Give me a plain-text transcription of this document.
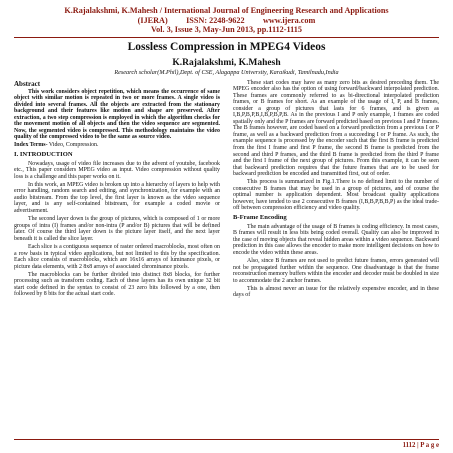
K.Rajalakshmi, K.Mahesh / International Journal of Engineering Research and Applications
(IJERA) ISSN: 2248-9622 www.ijera.com
Vol. 3, Issue 3, May-Jun 2013, pp.1112-1115
Lossless Compression in MPEG4 Videos
K.Rajalakshmi, K.Mahesh
Research scholar(M.Phil),Dept. of CSE, Alagappa University, Karaikudi, Tamilnadu,India
Abstract

This work considers object repetition, which means the occurrence of same object with similar motion is repeated in two or more frames. A single video is divided into several frames. All the objects are extracted from the stationary background and their features like motion and shape are preserved. After extraction, a two step compression is employed in which the algorithm checks for the movement motion of all objects and then the video sequence are segmented. Now, the segmented video is compressed. This methodology maintains the video quality of the compressed video to be the same as source video.

Index Terms- Video, Compression.

I. INTRODUCTION

Nowadays, usage of video file increases due to the advent of youtube, facebook etc., This paper considers MPEG video as input. Video compression without quality loss is a challenge and this paper works on it.

In this work, an MPEG video is broken up into a hierarchy of layers to help with error handling, random search and editing, and synchronization, for example with an audio bitstream. From the top level, the first layer is known as the video sequence layer, and is any self-contained bitstream, for example a coded movie or advertisement.

The second layer down is the group of pictures, which is composed of 1 or more groups of intra (I) frames and/or non-intra (P and/or B) pictures that will be defined later. Of course the third layer down is the picture layer itself, and the next layer beneath it is called the slice layer.

Each slice is a contiguous sequence of raster ordered macroblocks, most often on a row basis in typical video applications, but not limited to this by the specification. Each slice consists of macroblocks, which are 16x16 arrays of luminance pixels, or picture data elements, with 2 8x8 arrays of associated chrominance pixels.

The macroblocks can be further divided into distinct 8x8 blocks, for further processing such as transform coding. Each of these layers has its own unique 32 bit start code defined in the syntax to consist of 23 zero bits followed by a one, then followed by 8 bits for the actual start code.

These start codes may have as many zero bits as desired preceding them. The MPEG encoder also has the option of using forward/backward interpolated prediction. These frames are commonly referred to as bi-directional interpolated prediction frames, or B frames for short. As an example of the usage of I, P, and B frames, consider a group of pictures that lasts for 6 frames, and is given as I,B,P,B,P,B,I,B,P,B,P,B. As in the previous I and P only example, I frames are coded spatially only and the P frames are forward predicted based on previous I and P frames. The B frames however, are coded based on a forward prediction from a previous I or P frame, as well as a backward prediction from a succeeding I or P frame. As such, the example sequence is processed by the encoder such that the first B frame is predicted from the first I frame and first P frame, the second B frame is predicted from the second and third P frames, and the third B frame is predicted from the third P frame and the first I frame of the next group of pictures. From this example, it can be seen that backward prediction requires that the future frames that are to be used for backward prediction be encoded and transmitted first, out of order.

This process is summarized in Fig.1.There is no defined limit to the number of consecutive B frames that may be used in a group of pictures, and of course the optimal number is application dependent. Most broadcast quality applications however, have tended to use 2 consecutive B frames (I,B,B,P,B,B,P) as the ideal trade-off between compression efficiency and video quality.

B-Frame Encoding

The main advantage of the usage of B frames is coding efficiency. In most cases, B frames will result in less bits being coded overall. Quality can also be improved in the case of moving objects that reveal hidden areas within a video sequence. Backward prediction in this case allows the encoder to make more intelligent decisions on how to encode the video within these areas.

Also, since B frames are not used to predict future frames, errors generated will not be propagated further within the sequence. One disadvantage is that the frame reconstruction memory buffers within the encoder and decoder must be doubled in size to accommodate the 2 anchor frames.

This is almost never an issue for the relatively expensive encoder, and in these days of

1112 | P a g e
